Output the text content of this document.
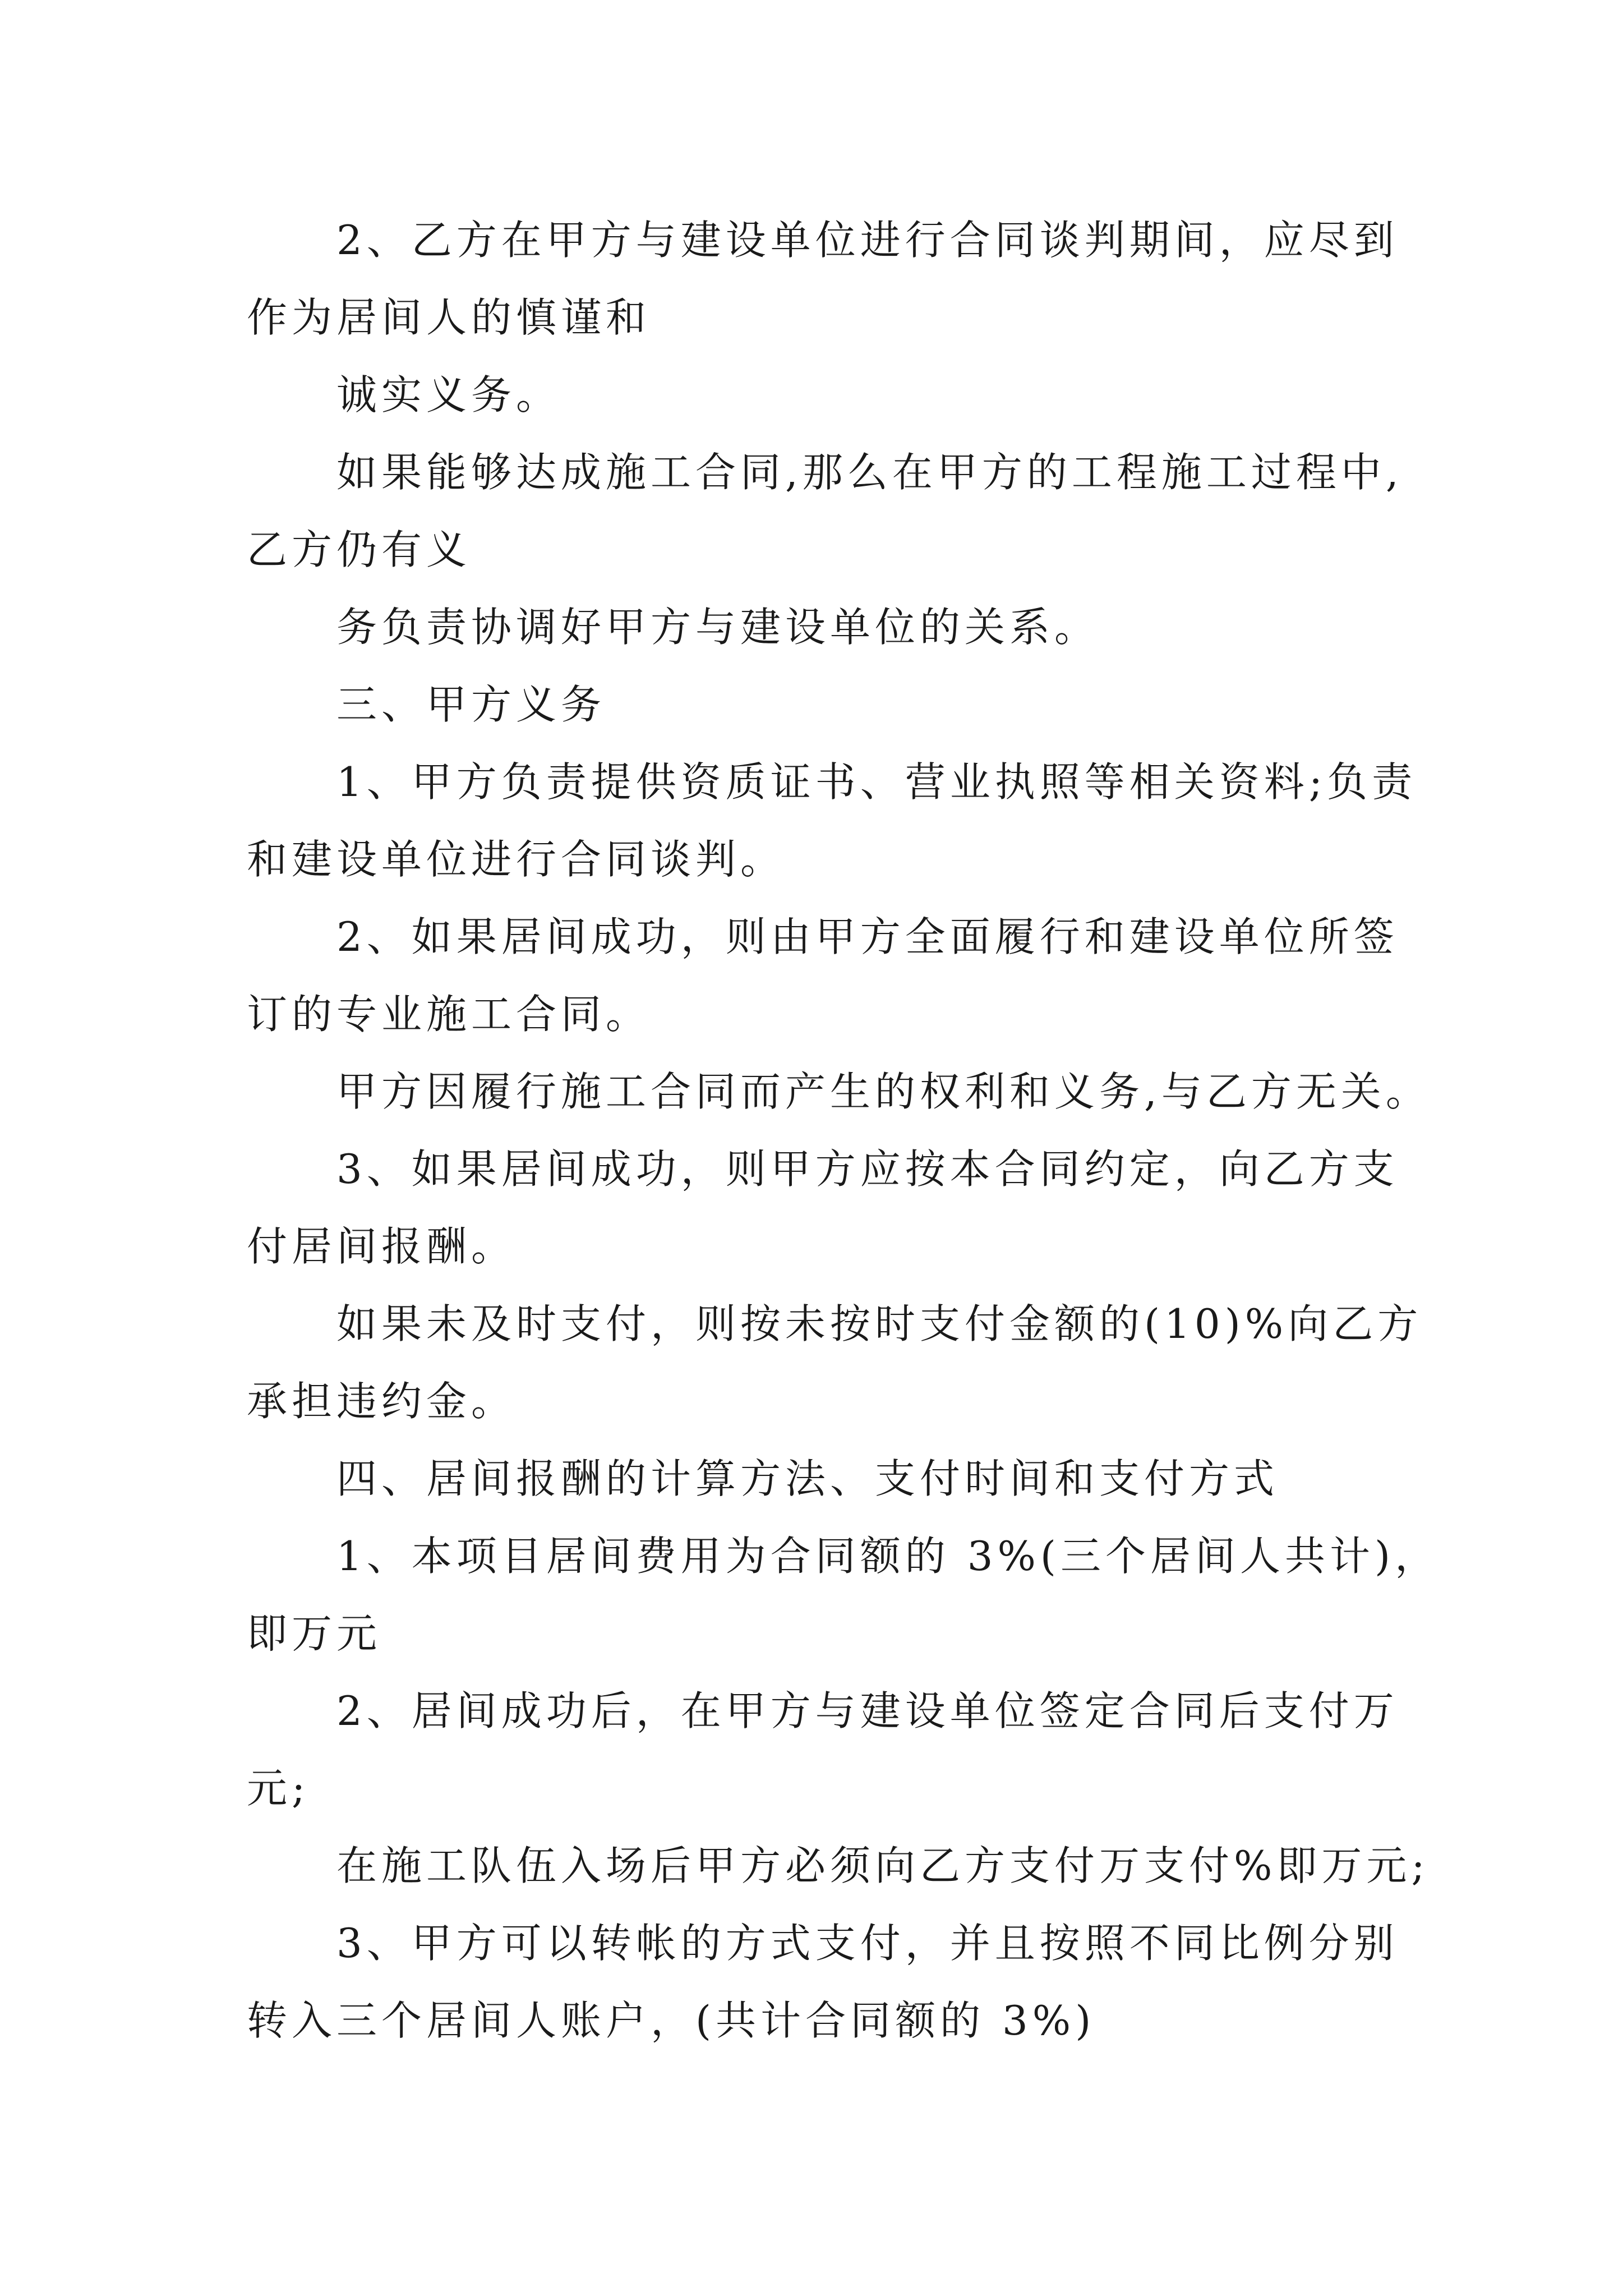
2、乙方在甲方与建设单位进行合同谈判期间，应尽到
作为居间人的慎谨和
诚实义务。
如果能够达成施工合同,那么在甲方的工程施工过程中,
乙方仍有义
务负责协调好甲方与建设单位的关系。
三、甲方义务
1、甲方负责提供资质证书、营业执照等相关资料;负责
和建设单位进行合同谈判。
2、如果居间成功，则由甲方全面履行和建设单位所签
订的专业施工合同。
甲方因履行施工合同而产生的权利和义务,与乙方无关。
3、如果居间成功，则甲方应按本合同约定，向乙方支
付居间报酬。
如果未及时支付，则按未按时支付金额的(10)%向乙方
承担违约金。
四、居间报酬的计算方法、支付时间和支付方式
1、本项目居间费用为合同额的 3%(三个居间人共计)，
即万元
2、居间成功后，在甲方与建设单位签定合同后支付万
元;
在施工队伍入场后甲方必须向乙方支付万支付%即万元;
3、甲方可以转帐的方式支付，并且按照不同比例分别
转入三个居间人账户，(共计合同额的 3%)
